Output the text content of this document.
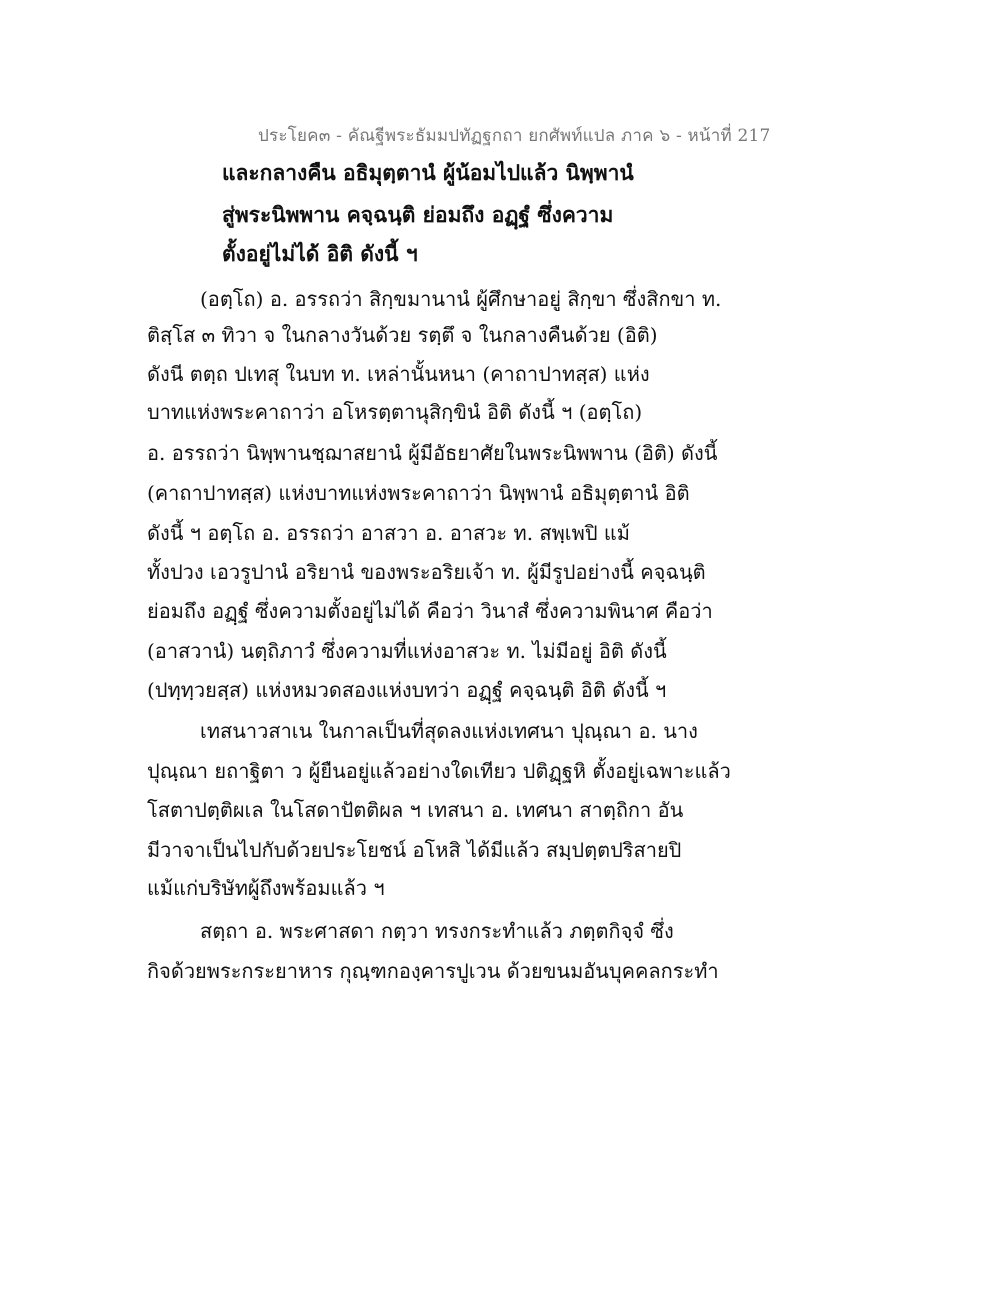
ประโยค๓ - คัณฐีพระธัมมปทัฏฐกถา ยกศัพท์แปล ภาค ๖ - หน้าที่ 217
และกลางคืน อธิมุตฺตานํ ผู้น้อมไปแล้ว นิพฺพานํ
สู่พระนิพพาน คจฺฉนฺติ ย่อมถึง อฏฺฐํ ซึ่งความ
ตั้งอยู่ไม่ได้ อิติ ดังนี้ ฯ
(อตฺโถ) อ. อรรถว่า สิกฺขมานานํ ผู้ศึกษาอยู่ สิกฺขา ซึ่งสิกขา ท.
ติสฺโส ๓ ทิวา จ ในกลางวันด้วย รตฺตึ จ ในกลางคืนด้วย (อิติ)
ดังนี ตตฺถ ปเทสุ ในบท ท. เหล่านั้นหนา (คาถาปาทสฺส) แห่ง
บาทแห่งพระคาถาว่า อโหรตฺตานุสิกฺขินํ อิติ ดังนี้ ฯ (อตฺโถ)
อ. อรรถว่า นิพฺพานชฺฌาสยานํ ผู้มีอัธยาศัยในพระนิพพาน (อิติ) ดังนี้
(คาถาปาทสฺส) แห่งบาทแห่งพระคาถาว่า นิพฺพานํ อธิมุตฺตานํ อิติ
ดังนี้ ฯ อตฺโถ อ. อรรถว่า อาสวา อ. อาสวะ ท. สพฺเพปิ แม้
ทั้งปวง เอวรูปานํ อริยานํ ของพระอริยเจ้า ท. ผู้มีรูปอย่างนี้ คจฺฉนฺติ
ย่อมถึง อฏฺฐํ ซึ่งความตั้งอยู่ไม่ได้ คือว่า วินาสํ ซึ่งความพินาศ คือว่า
(อาสวานํ) นตฺถิภาวํ ซึ่งความที่แห่งอาสวะ ท. ไม่มีอยู่ อิติ ดังนี้
(ปทฺทฺวยสฺส) แห่งหมวดสองแห่งบทว่า อฏฺฐํ คจฺฉนฺติ อิติ ดังนี้ ฯ
เทสนาวสาเน ในกาลเป็นที่สุดลงแห่งเทศนา ปุณฺณา อ. นาง
ปุณฺณา ยถาฐิตา ว ผู้ยืนอยู่แล้วอย่างใดเทียว ปติฏฺฐหิ ตั้งอยู่เฉพาะแล้ว
โสตาปตฺติผเล ในโสดาปัตติผล ฯ เทสนา อ. เทศนา สาตฺถิกา อัน
มีวาจาเป็นไปกับด้วยประโยชน์ อโหสิ ได้มีแล้ว สมฺปตฺตปริสายปิ
แม้แก่บริษัทผู้ถึงพร้อมแล้ว ฯ
สตฺถา อ. พระศาสดา กตฺวา ทรงกระทำแล้ว ภตฺตกิจฺจํ ซึ่ง
กิจด้วยพระกระยาหาร กุณฺฑกองฺคารปูเวน ด้วยขนมอันบุคคลกระทำ
